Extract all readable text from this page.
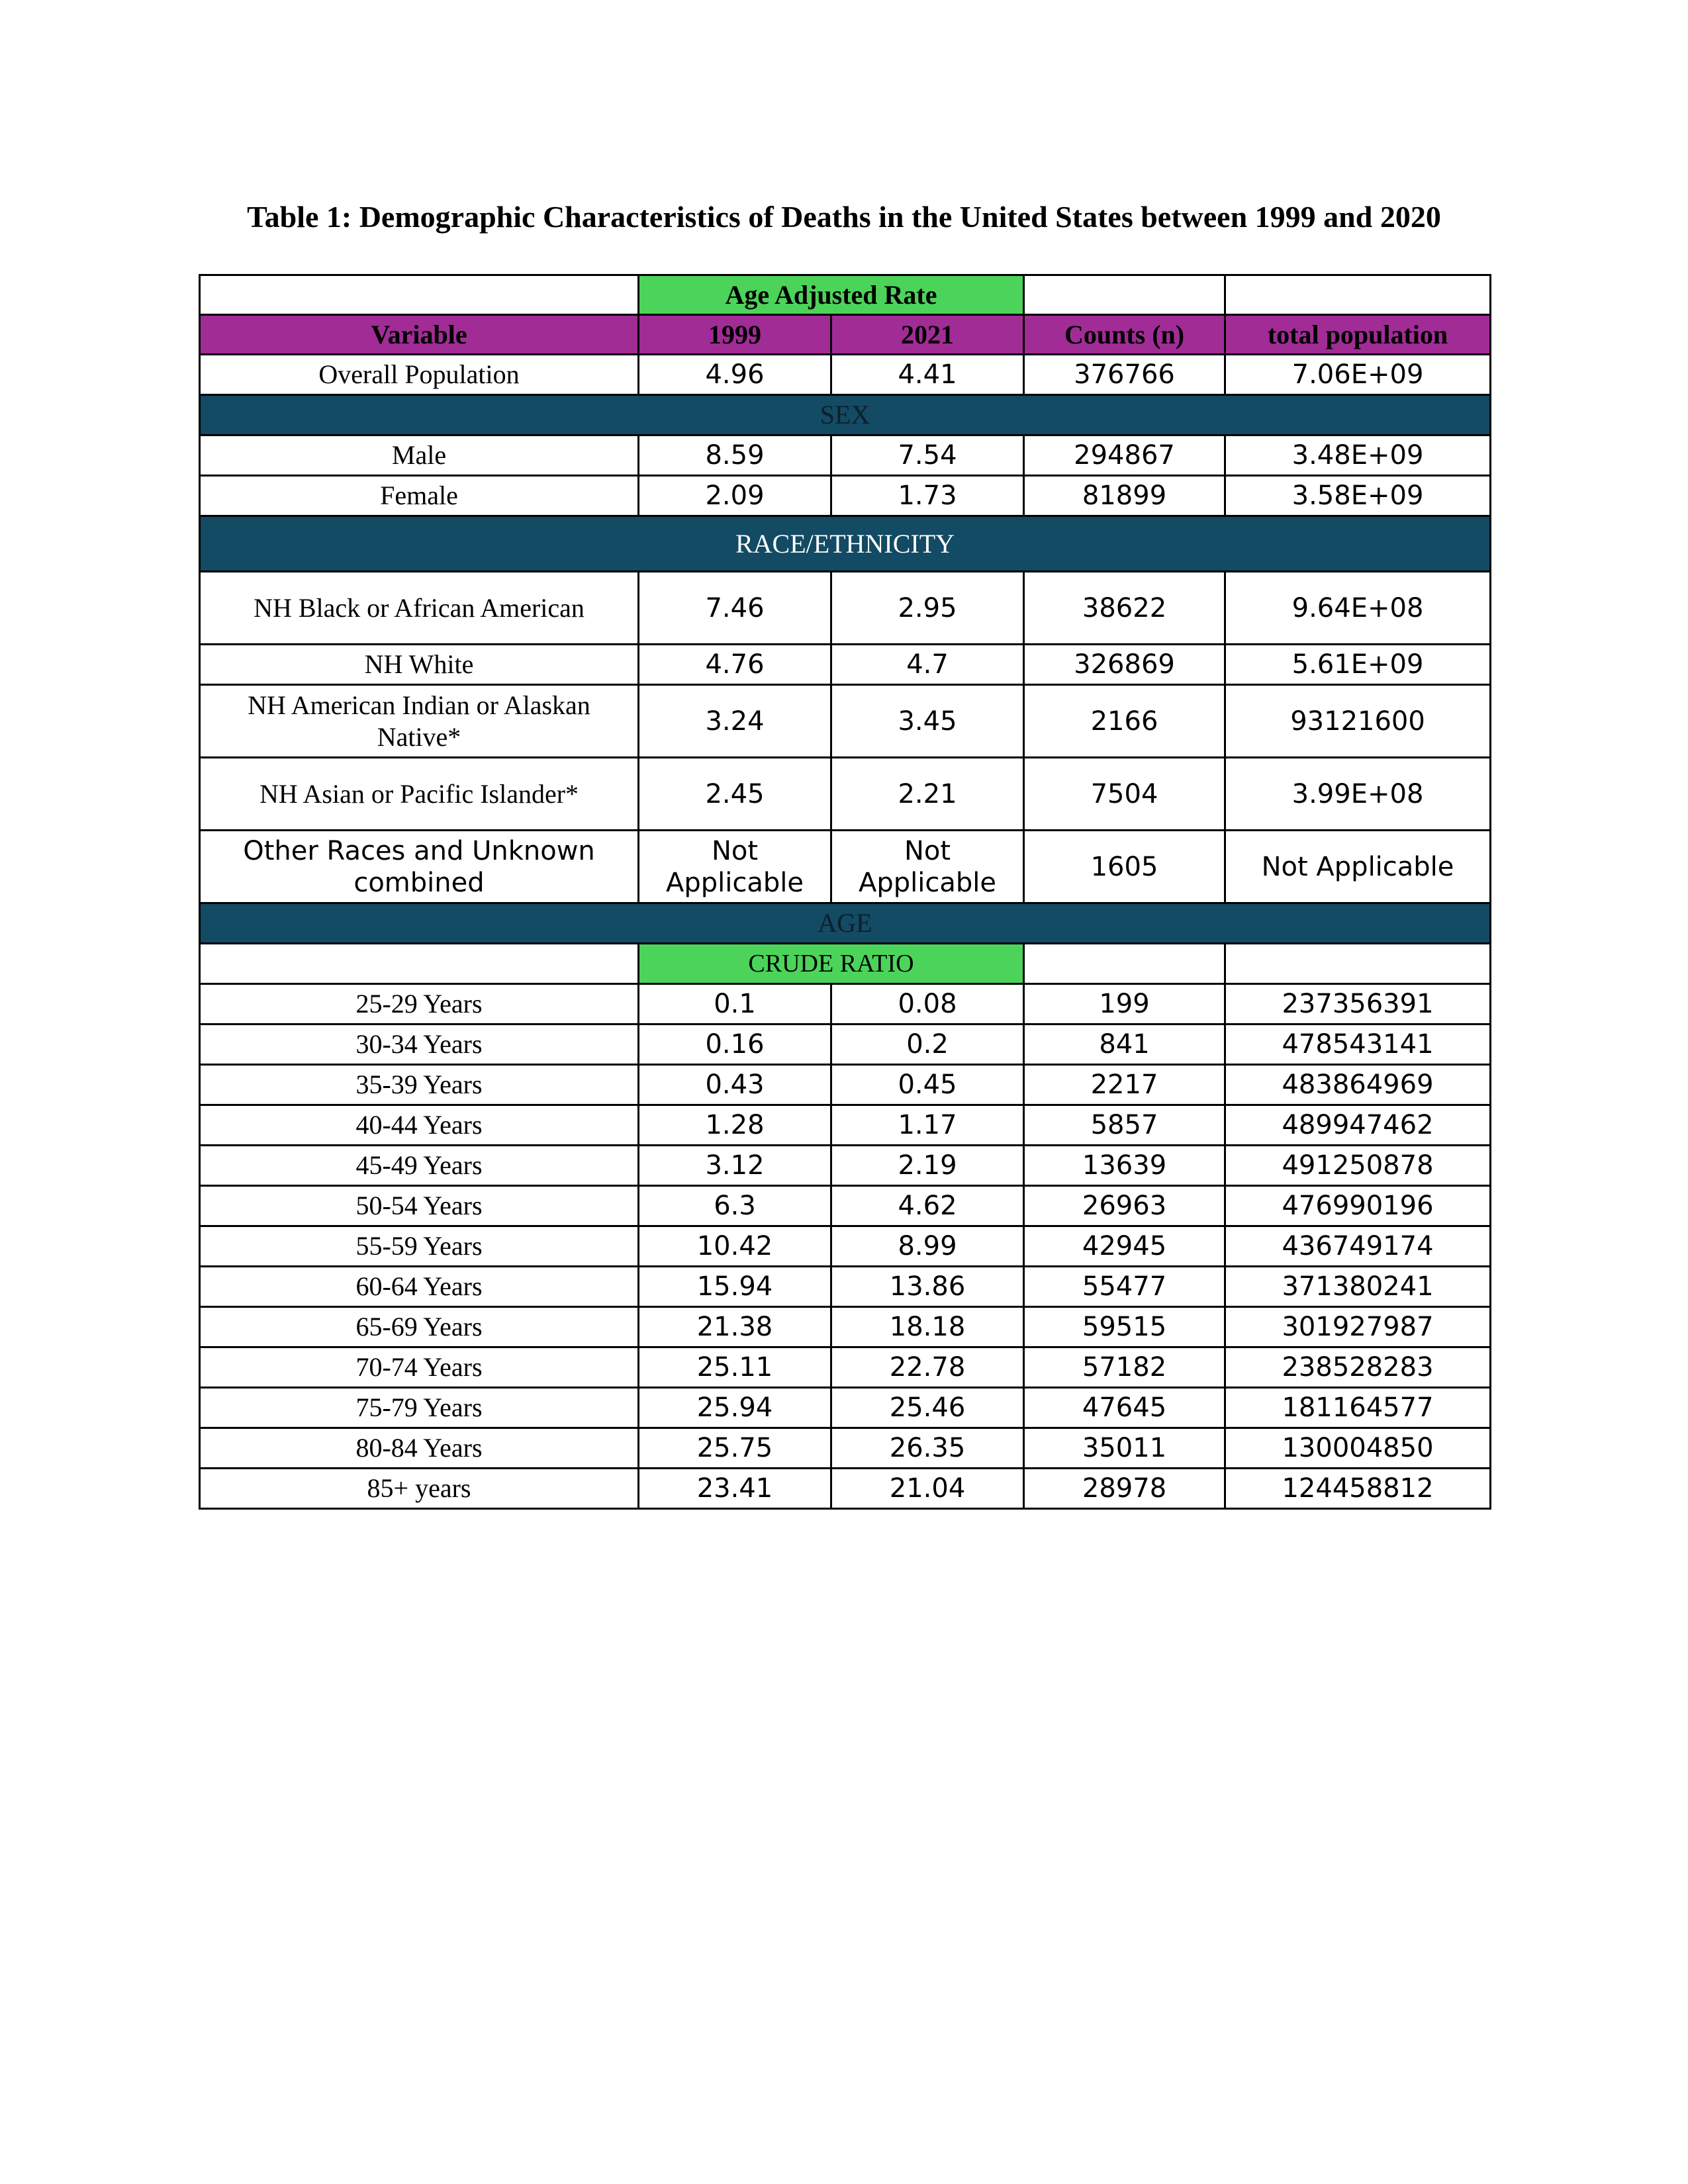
Table 1: Demographic Characteristics of Deaths in the United States between 1999 and 2020
	Age Adjusted Rate			
Variable	1999	2021	Counts (n)	total population
Overall Population	4.96	4.41	376766	7.06E+09
SEX				
Male	8.59	7.54	294867	3.48E+09
Female	2.09	1.73	81899	3.58E+09
RACE/ETHNICITY				
NH Black or African American	7.46	2.95	38622	9.64E+08
NH White	4.76	4.7	326869	5.61E+09
NH American Indian or Alaskan Native*	3.24	3.45	2166	93121600
NH Asian or Pacific Islander*	2.45	2.21	7504	3.99E+08
Other Races and Unknown combined	Not Applicable	Not Applicable	1605	Not Applicable
AGE				
	CRUDE RATIO			
25-29 Years	0.1	0.08	199	237356391
30-34 Years	0.16	0.2	841	478543141
35-39 Years	0.43	0.45	2217	483864969
40-44 Years	1.28	1.17	5857	489947462
45-49 Years	3.12	2.19	13639	491250878
50-54 Years	6.3	4.62	26963	476990196
55-59 Years	10.42	8.99	42945	436749174
60-64 Years	15.94	13.86	55477	371380241
65-69 Years	21.38	18.18	59515	301927987
70-74 Years	25.11	22.78	57182	238528283
75-79 Years	25.94	25.46	47645	181164577
80-84 Years	25.75	26.35	35011	130004850
85+ years	23.41	21.04	28978	124458812
